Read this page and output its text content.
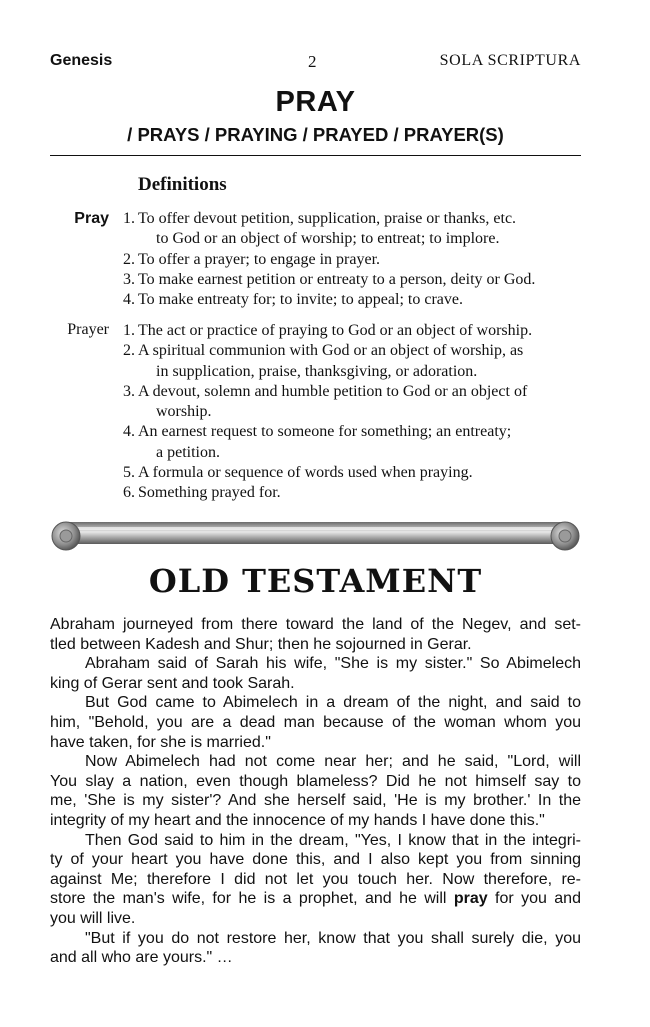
Genesis	2	SOLA SCRIPTURA
PRAY
/ PRAYS / PRAYING / PRAYED / PRAYER(S)
Definitions
Pray 1. To offer devout petition, supplication, praise or thanks, etc.
to God or an object of worship; to entreat; to implore.
2. To offer a prayer; to engage in prayer.
3. To make earnest petition or entreaty to a person, deity or God.
4. To make entreaty for; to invite; to appeal; to crave.
Prayer 1. The act or practice of praying to God or an object of worship.
2. A spiritual communion with God or an object of worship, as
in supplication, praise, thanksgiving, or adoration.
3. A devout, solemn and humble petition to God or an object of
worship.
4. An earnest request to someone for something; an entreaty;
a petition.
5. A formula or sequence of words used when praying.
6. Something prayed for.
OLD TESTAMENT
Abraham journeyed from there toward the land of the Negev, and set-
tled between Kadesh and Shur; then he sojourned in Gerar.
Abraham said of Sarah his wife, "She is my sister." So Abimelech
king of Gerar sent and took Sarah.
But God came to Abimelech in a dream of the night, and said to
him, "Behold, you are a dead man because of the woman whom you
have taken, for she is married."
Now Abimelech had not come near her; and he said, "Lord, will
You slay a nation, even though blameless? Did he not himself say to
me, 'She is my sister'? And she herself said, 'He is my brother.' In the
integrity of my heart and the innocence of my hands I have done this."
Then God said to him in the dream, "Yes, I know that in the integri-
ty of your heart you have done this, and I also kept you from sinning
against Me; therefore I did not let you touch her. Now therefore, re-
store the man's wife, for he is a prophet, and he will pray for you and
you will live.
"But if you do not restore her, know that you shall surely die, you
and all who are yours." …
